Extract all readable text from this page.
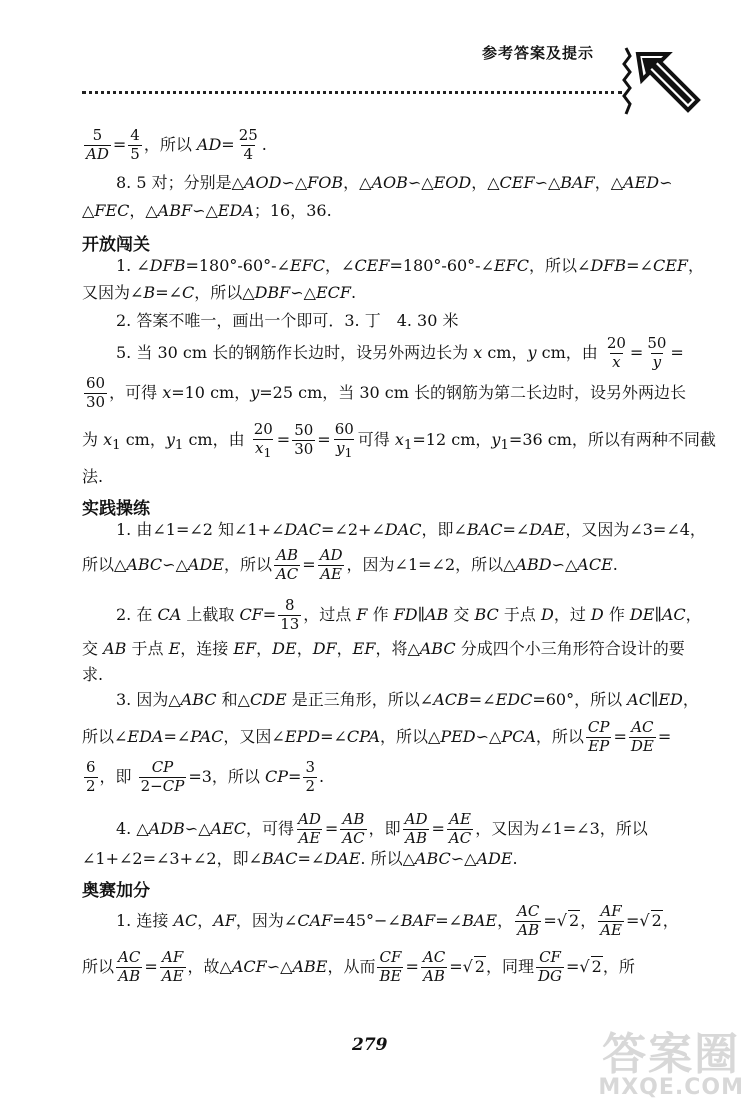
参考答案及提示
$\frac{5}{AD} = \frac{4}{5}$ ，所以 $AD= \frac{25}{4}$ .
8. 5 对；分别是△AOD∽△FOB，△AOB∽△EOD，△CEF∽△BAF，△AED∽
△FEC，△ABF∽△EDA；16，36.
开放闯关
1. ∠DFB=180°-60°-∠EFC，∠CEF=180°-60°-∠EFC，所以∠DFB=∠CEF，
又因为∠B=∠C，所以△DBF∽△ECF.
2. 答案不唯一，画出一个即可．3. 丁　4. 30 米
5. 当 30 cm 长的钢筋作长边时，设另外两边长为 x cm，y cm，由 $\frac{20}{x} = \frac{50}{y}$ =
$\frac{60}{30}$ ，可得 x=10 cm，y=25 cm，当 30 cm 长的钢筋为第二长边时，设另外两边长
为 $x_1$ cm，$y_1$ cm，由 $\frac{20}{x_1} = \frac{50}{30} = \frac{60}{y_1}$ 可得 $x_1=12$ cm，$y_1=36$ cm，所以有两种不同截
法.
实践操练
1. 由∠1=∠2 知∠1+∠DAC=∠2+∠DAC，即∠BAC=∠DAE，又因为∠3=∠4，
所以△ABC∽△ADE，所以 $\frac{AB}{AC} = \frac{AD}{AE}$ ，因为∠1=∠2，所以△ABD∽△ACE.
2. 在 CA 上截取 $CF= \frac{8}{13}$ ，过点 F 作 FD∥AB 交 BC 于点 D，过 D 作 DE∥AC，
交 AB 于点 E，连接 EF，DE，DF，EF，将△ABC 分成四个小三角形符合设计的要
求.
3. 因为△ABC 和△CDE 是正三角形，所以∠ACB=∠EDC=60°，所以 AC∥ED，
所以∠EDA=∠PAC，又因∠EPD=∠CPA，所以△PED∽△PCA，所以 $\frac{CP}{EP} = \frac{AC}{DE}$ =
$\frac{6}{2}$ ，即 $\frac{CP}{2-CP} =3$，所以 $CP= \frac{3}{2}$ .
4. △ADB∽△AEC，可得 $\frac{AD}{AE} = \frac{AB}{AC}$ ，即 $\frac{AD}{AB} = \frac{AE}{AC}$ ，又因为∠1=∠3，所以
∠1+∠2=∠3+∠2，即∠BAC=∠DAE. 所以△ABC∽△ADE.
奥赛加分
1. 连接 AC，AF，因为∠CAF=45°−∠BAF=∠BAE， $\frac{AC}{AB}$ =√ 2， $\frac{AF}{AE}$ =√ 2，
所以 $\frac{AC}{AB} = \frac{AF}{AE}$ ，故△ACF∽△ABE，从而 $\frac{CF}{BE} = \frac{AC}{AB}$ =√ 2，同理 $\frac{CF}{DG}$ =√ 2，所
279	答案圈
MXQE.COM
